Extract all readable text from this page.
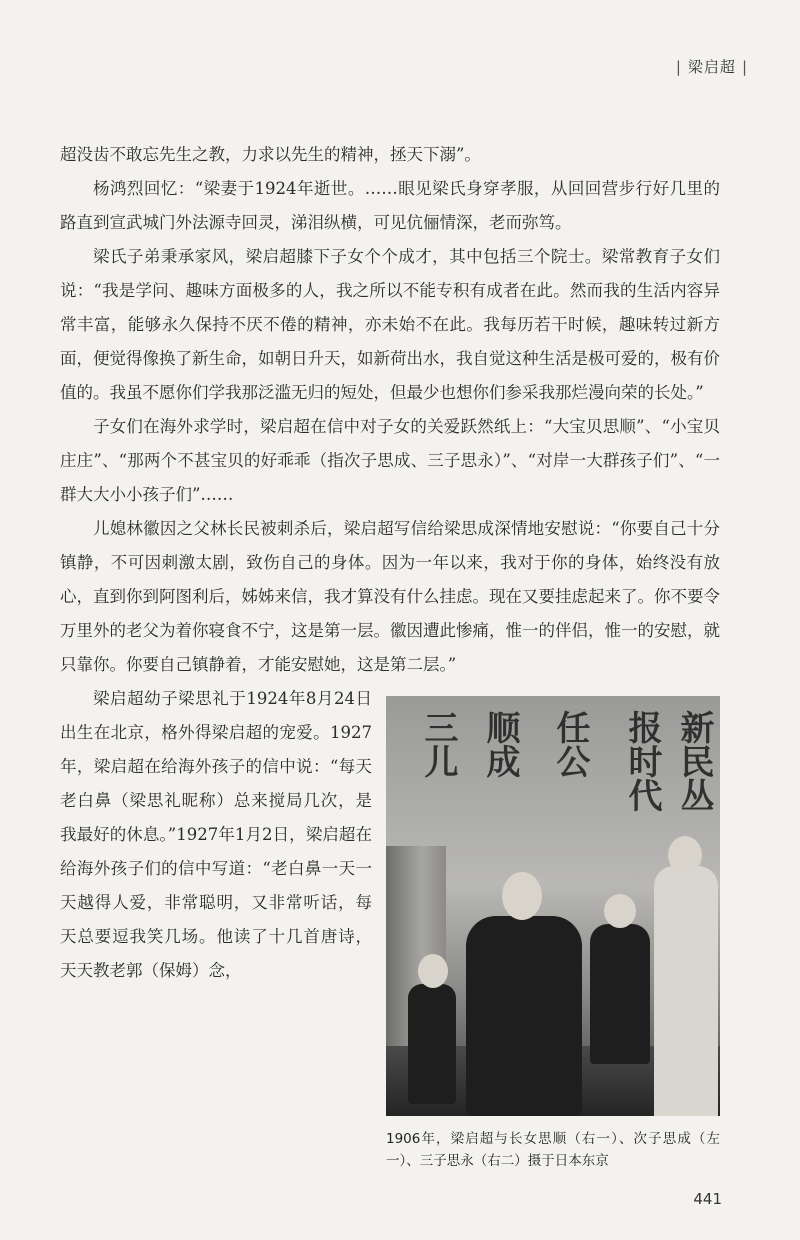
| 梁启超 |

超没齿不敢忘先生之教，力求以先生的精神，拯天下溺”。

杨鸿烈回忆：“梁妻于1924年逝世。……眼见梁氏身穿孝服，从回回营步行好几里的路直到宣武城门外法源寺回灵，涕泪纵横，可见伉俪情深，老而弥笃。

梁氏子弟秉承家风，梁启超膝下子女个个成才，其中包括三个院士。梁常教育子女们说：“我是学问、趣味方面极多的人，我之所以不能专积有成者在此。然而我的生活内容异常丰富，能够永久保持不厌不倦的精神，亦未始不在此。我每历若干时候，趣味转过新方面，便觉得像换了新生命，如朝日升天，如新荷出水，我自觉这种生活是极可爱的，极有价值的。我虽不愿你们学我那泛滥无归的短处，但最少也想你们参采我那烂漫向荣的长处。”

子女们在海外求学时，梁启超在信中对子女的关爱跃然纸上：“大宝贝思顺”、“小宝贝庄庄”、“那两个不甚宝贝的好乖乖（指次子思成、三子思永）”、“对岸一大群孩子们”、“一群大大小小孩子们”……

儿媳林徽因之父林长民被刺杀后，梁启超写信给梁思成深情地安慰说：“你要自己十分镇静，不可因刺激太剧，致伤自己的身体。因为一年以来，我对于你的身体，始终没有放心，直到你到阿图利后，姊姊来信，我才算没有什么挂虑。现在又要挂虑起来了。你不要令万里外的老父为着你寝食不宁，这是第一层。徽因遭此惨痛，惟一的伴侣，惟一的安慰，就只靠你。你要自己镇静着，才能安慰她，这是第二层。”

新民丛
报时代
任公
顺成
三儿
1906年，梁启超与长女思顺（右一）、次子思成（左一）、三子思永（右二）摄于日本东京

梁启超幼子梁思礼于1924年8月24日出生在北京，格外得梁启超的宠爱。1927年，梁启超在给海外孩子的信中说：“每天老白鼻（梁思礼昵称）总来搅局几次，是我最好的休息。”1927年1月2日，梁启超在给海外孩子们的信中写道：“老白鼻一天一天越得人爱，非常聪明，又非常听话，每天总要逗我笑几场。他读了十几首唐诗，天天教老郭（保姆）念，

441
